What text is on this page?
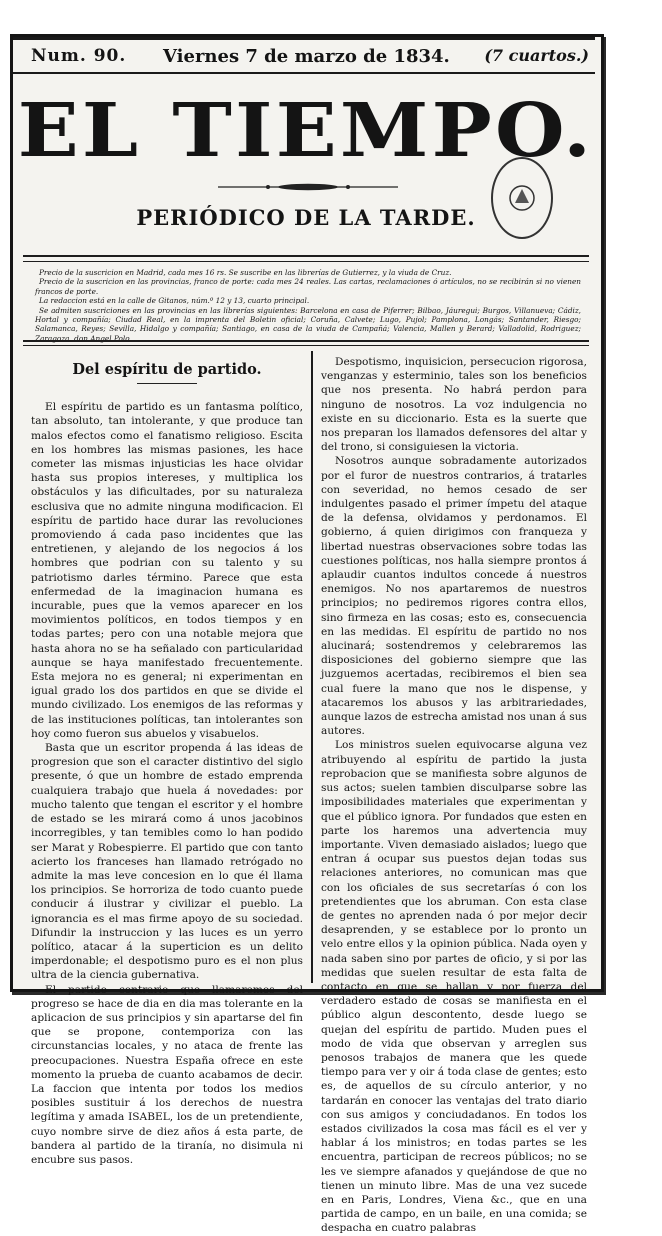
Num. 90. Viernes 7 de marzo de 1834. (7 cuartos.)
EL TIEMPO.
PERIÓDICO DE LA TARDE.

Precio de la suscricion en Madrid, cada mes 16 rs. Se suscribe en las librerías de Gutierrez, y la viuda de Cruz.

Precio de la suscricion en las provincias, franco de porte: cada mes 24 reales. Las cartas, reclamaciones ó artículos, no se recibirán si no vienen francos de porte.

La redaccion está en la calle de Gitanos, núm.º 12 y 13, cuarto principal.

Se admiten suscriciones en las provincias en las librerías siguientes: Barcelona en casa de Piferrer; Bilbao, Jáuregui; Burgos, Villanueva; Cádiz, Hortal y compañía; Ciudad Real, en la imprenta del Boletin oficial; Coruña, Calvete; Lugo, Pujol; Pamplona, Longás; Santander, Riesgo; Salamanca, Reyes; Sevilla, Hidalgo y compañía; Santiago, en casa de la viuda de Campañá; Valencia, Mallen y Berard; Valladolid, Rodriguez; Zaragoza, don Angel Polo.

Del espíritu de partido.

El espíritu de partido es un fantasma político, tan absoluto, tan intolerante, y que produce tan malos efectos como el fanatismo religioso. Escita en los hombres las mismas pasiones, les hace cometer las mismas injusticias les hace olvidar hasta sus propios intereses, y multiplica los obstáculos y las dificultades, por su naturaleza esclusiva que no admite ninguna modificacion. El espíritu de partido hace durar las revoluciones promoviendo á cada paso incidentes que las entretienen, y alejando de los negocios á los hombres que podrian con su talento y su patriotismo darles término. Parece que esta enfermedad de la imaginacion humana es incurable, pues que la vemos aparecer en los movimientos políticos, en todos tiempos y en todas partes; pero con una notable mejora que hasta ahora no se ha señalado con particularidad aunque se haya manifestado frecuentemente. Esta mejora no es general; ni experimentan en igual grado los dos partidos en que se divide el mundo civilizado. Los enemigos de las reformas y de las instituciones políticas, tan intolerantes son hoy como fueron sus abuelos y visabuelos.

Basta que un escritor propenda á las ideas de progresion que son el caracter distintivo del siglo presente, ó que un hombre de estado emprenda cualquiera trabajo que huela á novedades: por mucho talento que tengan el escritor y el hombre de estado se les mirará como á unos jacobinos incorregibles, y tan temibles como lo han podido ser Marat y Robespierre. El partido que con tanto acierto los franceses han llamado retrógado no admite la mas leve concesion en lo que él llama los principios. Se horroriza de todo cuanto puede conducir á ilustrar y civilizar el pueblo. La ignorancia es el mas firme apoyo de su sociedad. Difundir la instruccion y las luces es un yerro político, atacar á la superticion es un delito imperdonable; el despotismo puro es el non plus ultra de la ciencia gubernativa.

El partido contrario que llamaremos del progreso se hace de dia en dia mas tolerante en la aplicacion de sus principios y sin apartarse del fin que se propone, contemporiza con las circunstancias locales, y no ataca de frente las preocupaciones. Nuestra España ofrece en este momento la prueba de cuanto acabamos de decir. La faccion que intenta por todos los medios posibles sustituir á los derechos de nuestra legítima y amada ISABEL, los de un pretendiente, cuyo nombre sirve de diez años á esta parte, de bandera al partido de la tiranía, no disimula ni encubre sus pasos.

Despotismo, inquisicion, persecucion rigorosa, venganzas y esterminio, tales son los beneficios que nos presenta. No habrá perdon para ninguno de nosotros. La voz indulgencia no existe en su diccionario. Esta es la suerte que nos preparan los llamados defensores del altar y del trono, si consiguiesen la victoria.

Nosotros aunque sobradamente autorizados por el furor de nuestros contrarios, á tratarles con severidad, no hemos cesado de ser indulgentes pasado el primer ímpetu del ataque de la defensa, olvidamos y perdonamos. El gobierno, á quien dirigimos con franqueza y libertad nuestras observaciones sobre todas las cuestiones políticas, nos halla siempre prontos á aplaudir cuantos indultos concede á nuestros enemigos. No nos apartaremos de nuestros principios; no pediremos rigores contra ellos, sino firmeza en las cosas; esto es, consecuencia en las medidas. El espíritu de partido no nos alucinará; sostendremos y celebraremos las disposiciones del gobierno siempre que las juzguemos acertadas, recibiremos el bien sea cual fuere la mano que nos le dispense, y atacaremos los abusos y las arbitrariedades, aunque lazos de estrecha amistad nos unan á sus autores.

Los ministros suelen equivocarse alguna vez atribuyendo al espíritu de partido la justa reprobacion que se manifiesta sobre algunos de sus actos; suelen tambien disculparse sobre las imposibilidades materiales que experimentan y que el público ignora. Por fundados que esten en parte los haremos una advertencia muy importante. Viven demasiado aislados; luego que entran á ocupar sus puestos dejan todas sus relaciones anteriores, no comunican mas que con los oficiales de sus secretarías ó con los pretendientes que los abruman. Con esta clase de gentes no aprenden nada ó por mejor decir desaprenden, y se establece por lo pronto un velo entre ellos y la opinion pública. Nada oyen y nada saben sino por partes de oficio, y si por las medidas que suelen resultar de esta falta de contacto en que se hallan y por fuerza del verdadero estado de cosas se manifiesta en el público algun descontento, desde luego se quejan del espíritu de partido. Muden pues el modo de vida que observan y arreglen sus penosos trabajos de manera que les quede tiempo para ver y oir á toda clase de gentes; esto es, de aquellos de su círculo anterior, y no tardarán en conocer las ventajas del trato diario con sus amigos y conciudadanos. En todos los estados civilizados la cosa mas fácil es el ver y hablar á los ministros; en todas partes se les encuentra, participan de recreos públicos; no se les ve siempre afanados y quejándose de que no tienen un minuto libre. Mas de una vez sucede en en Paris, Londres, Viena &c., que en una partida de campo, en un baile, en una comida; se despacha en cuatro palabras
